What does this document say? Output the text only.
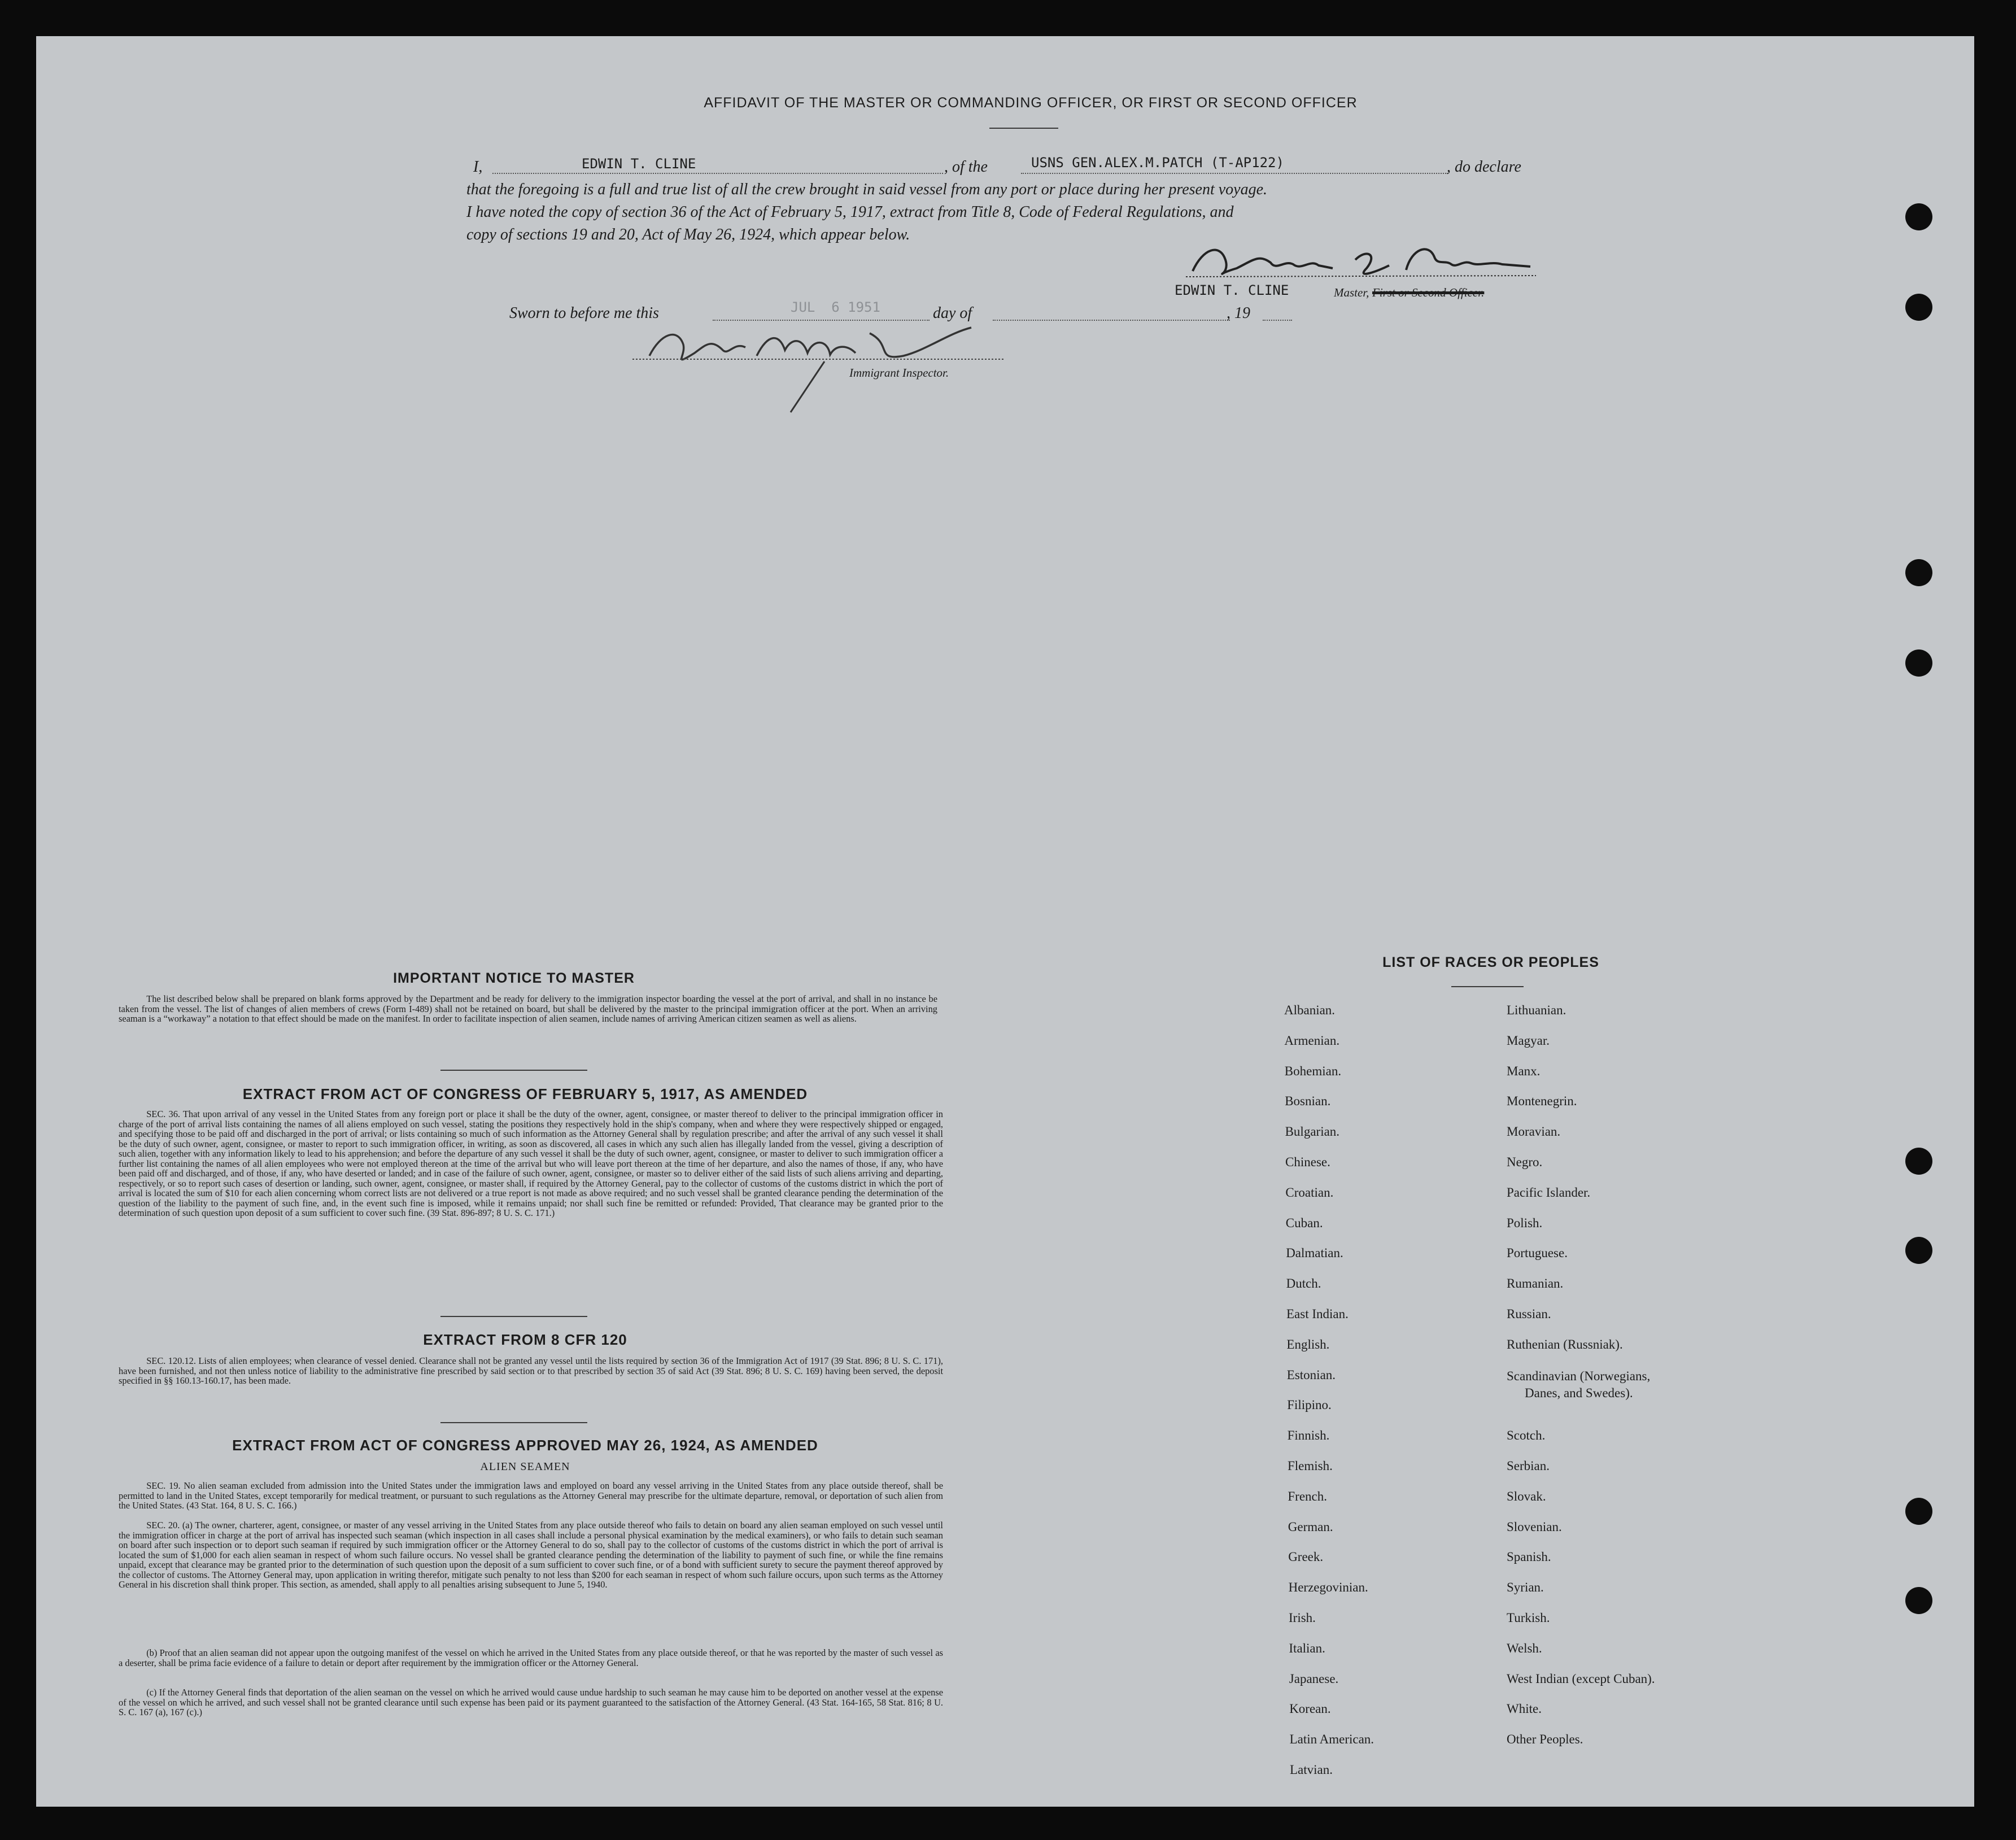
AFFIDAVIT OF THE MASTER OR COMMANDING OFFICER, OR FIRST OR SECOND OFFICER
I,	EDWIN T. CLINE	, of the	USNS GEN.ALEX.M.PATCH (T-AP122)	, do declare
that the foregoing is a full and true list of all the crew brought in said vessel from any port or place during her present voyage.
I have noted the copy of section 36 of the Act of February 5, 1917, extract from Title 8, Code of Federal Regulations, and
copy of sections 19 and 20, Act of May 26, 1924, which appear below.
EDWIN T. CLINE	Master, First or Second Officer.
Sworn to before me this	JUL  6 1951	day of	, 19
Immigrant Inspector.
IMPORTANT NOTICE TO MASTER
The list described below shall be prepared on blank forms approved by the Department and be ready for delivery to the immigration inspector boarding the vessel at the port of arrival, and shall in no instance be taken from the vessel. The list of changes of alien members of crews (Form I-489) shall not be retained on board, but shall be delivered by the master to the principal immigration officer at the port. When an arriving seaman is a “workaway” a notation to that effect should be made on the manifest. In order to facilitate inspection of alien seamen, include names of arriving American citizen seamen as well as aliens.
EXTRACT FROM ACT OF CONGRESS OF FEBRUARY 5, 1917, AS AMENDED
SEC. 36. That upon arrival of any vessel in the United States from any foreign port or place it shall be the duty of the owner, agent, consignee, or master thereof to deliver to the principal immigration officer in charge of the port of arrival lists containing the names of all aliens employed on such vessel, stating the positions they respectively hold in the ship's company, when and where they were respectively shipped or engaged, and specifying those to be paid off and discharged in the port of arrival; or lists containing so much of such information as the Attorney General shall by regulation prescribe; and after the arrival of any such vessel it shall be the duty of such owner, agent, consignee, or master to report to such immigration officer, in writing, as soon as discovered, all cases in which any such alien has illegally landed from the vessel, giving a description of such alien, together with any information likely to lead to his apprehension; and before the departure of any such vessel it shall be the duty of such owner, agent, consignee, or master to deliver to such immigration officer a further list containing the names of all alien employees who were not employed thereon at the time of the arrival but who will leave port thereon at the time of her departure, and also the names of those, if any, who have been paid off and discharged, and of those, if any, who have deserted or landed; and in case of the failure of such owner, agent, consignee, or master so to deliver either of the said lists of such aliens arriving and departing, respectively, or so to report such cases of desertion or landing, such owner, agent, consignee, or master shall, if required by the Attorney General, pay to the collector of customs of the customs district in which the port of arrival is located the sum of $10 for each alien concerning whom correct lists are not delivered or a true report is not made as above required; and no such vessel shall be granted clearance pending the determination of the question of the liability to the payment of such fine, and, in the event such fine is imposed, while it remains unpaid; nor shall such fine be remitted or refunded: Provided, That clearance may be granted prior to the determination of such question upon deposit of a sum sufficient to cover such fine. (39 Stat. 896-897; 8 U. S. C. 171.)
EXTRACT FROM 8 CFR 120
SEC. 120.12. Lists of alien employees; when clearance of vessel denied. Clearance shall not be granted any vessel until the lists required by section 36 of the Immigration Act of 1917 (39 Stat. 896; 8 U. S. C. 171), have been furnished, and not then unless notice of liability to the administrative fine prescribed by said section or to that prescribed by section 35 of said Act (39 Stat. 896; 8 U. S. C. 169) having been served, the deposit specified in §§ 160.13-160.17, has been made.
EXTRACT FROM ACT OF CONGRESS APPROVED MAY 26, 1924, AS AMENDED
ALIEN SEAMEN
SEC. 19. No alien seaman excluded from admission into the United States under the immigration laws and employed on board any vessel arriving in the United States from any place outside thereof, shall be permitted to land in the United States, except temporarily for medical treatment, or pursuant to such regulations as the Attorney General may prescribe for the ultimate departure, removal, or deportation of such alien from the United States. (43 Stat. 164, 8 U. S. C. 166.)
SEC. 20. (a) The owner, charterer, agent, consignee, or master of any vessel arriving in the United States from any place outside thereof who fails to detain on board any alien seaman employed on such vessel until the immigration officer in charge at the port of arrival has inspected such seaman (which inspection in all cases shall include a personal physical examination by the medical examiners), or who fails to detain such seaman on board after such inspection or to deport such seaman if required by such immigration officer or the Attorney General to do so, shall pay to the collector of customs of the customs district in which the port of arrival is located the sum of $1,000 for each alien seaman in respect of whom such failure occurs. No vessel shall be granted clearance pending the determination of the liability to payment of such fine, or while the fine remains unpaid, except that clearance may be granted prior to the determination of such question upon the deposit of a sum sufficient to cover such fine, or of a bond with sufficient surety to secure the payment thereof approved by the collector of customs. The Attorney General may, upon application in writing therefor, mitigate such penalty to not less than $200 for each seaman in respect of whom such failure occurs, upon such terms as the Attorney General in his discretion shall think proper. This section, as amended, shall apply to all penalties arising subsequent to June 5, 1940.
(b) Proof that an alien seaman did not appear upon the outgoing manifest of the vessel on which he arrived in the United States from any place outside thereof, or that he was reported by the master of such vessel as a deserter, shall be prima facie evidence of a failure to detain or deport after requirement by the immigration officer or the Attorney General.
(c) If the Attorney General finds that deportation of the alien seaman on the vessel on which he arrived would cause undue hardship to such seaman he may cause him to be deported on another vessel at the expense of the vessel on which he arrived, and such vessel shall not be granted clearance until such expense has been paid or its payment guaranteed to the satisfaction of the Attorney General. (43 Stat. 164-165, 58 Stat. 816; 8 U. S. C. 167 (a), 167 (c).)
LIST OF RACES OR PEOPLES
Albanian.
Armenian.
Bohemian.
Bosnian.
Bulgarian.
Chinese.
Croatian.
Cuban.
Dalmatian.
Dutch.
East Indian.
English.
Estonian.
Filipino.
Finnish.
Flemish.
French.
German.
Greek.
Herzegovinian.
Irish.
Italian.
Japanese.
Korean.
Latin American.
Latvian.
Lithuanian.
Magyar.
Manx.
Montenegrin.
Moravian.
Negro.
Pacific Islander.
Polish.
Portuguese.
Rumanian.
Russian.
Ruthenian (Russniak).
Scandinavian (Norwegians,
Danes, and Swedes).
Scotch.
Serbian.
Slovak.
Slovenian.
Spanish.
Syrian.
Turkish.
Welsh.
West Indian (except Cuban).
White.
Other Peoples.
